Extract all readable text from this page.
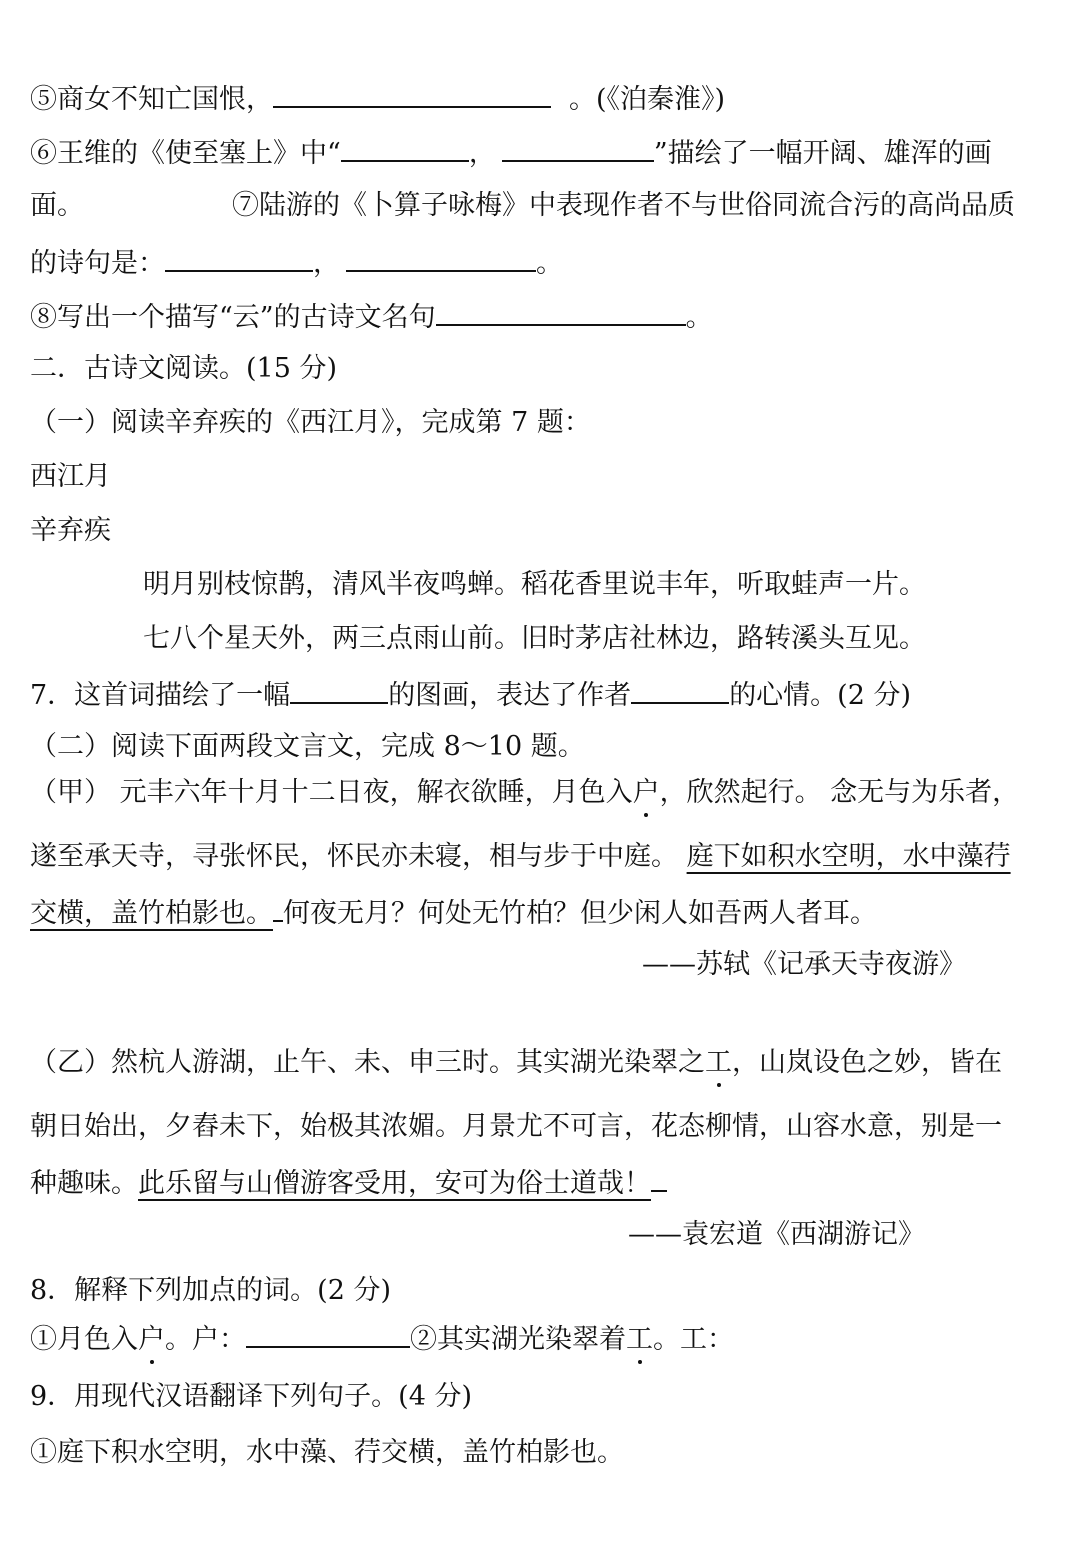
⑤商女不知亡国恨，	。(《泊秦淮》)
⑥王维的《使至塞上》中“	，	”描绘了一幅开阔、雄浑的画
面。	⑦陆游的《卜算子咏梅》中表现作者不与世俗同流合污的高尚品质
的诗句是：	，	。
⑧写出一个描写“云”的古诗文名句	。
二．古诗文阅读。(15 分)
（一）阅读辛弃疾的《西江月》，完成第 7 题：
西江月
辛弃疾
明月别枝惊鹊，清风半夜鸣蝉。稻花香里说丰年，听取蛙声一片。
七八个星天外，两三点雨山前。旧时茅店社林边，路转溪头互见。
7．这首词描绘了一幅	的图画，表达了作者	的心情。(2 分)
（二）阅读下面两段文言文，完成 8～10 题。
（甲） 元丰六年十月十二日夜，解衣欲睡，月色入户，欣然起行。 念无与为乐者，
遂至承天寺，寻张怀民，怀民亦未寝，相与步于中庭。 庭下如积水空明，水中藻荇
交横，盖竹柏影也。 何夜无月？何处无竹柏？但少闲人如吾两人者耳。
——苏轼《记承天寺夜游》
（乙）然杭人游湖，止午、未、申三时。其实湖光染翠之工，山岚设色之妙，皆在
朝日始出，夕舂未下，始极其浓媚。月景尤不可言，花态柳情，山容水意，别是一
种趣味。此乐留与山僧游客受用，安可为俗士道哉！
——袁宏道《西湖游记》
8．解释下列加点的词。(2 分)
①月色入户。户：	②其实湖光染翠着工。工：
9．用现代汉语翻译下列句子。(4 分)
①庭下积水空明，水中藻、荇交横，盖竹柏影也。
